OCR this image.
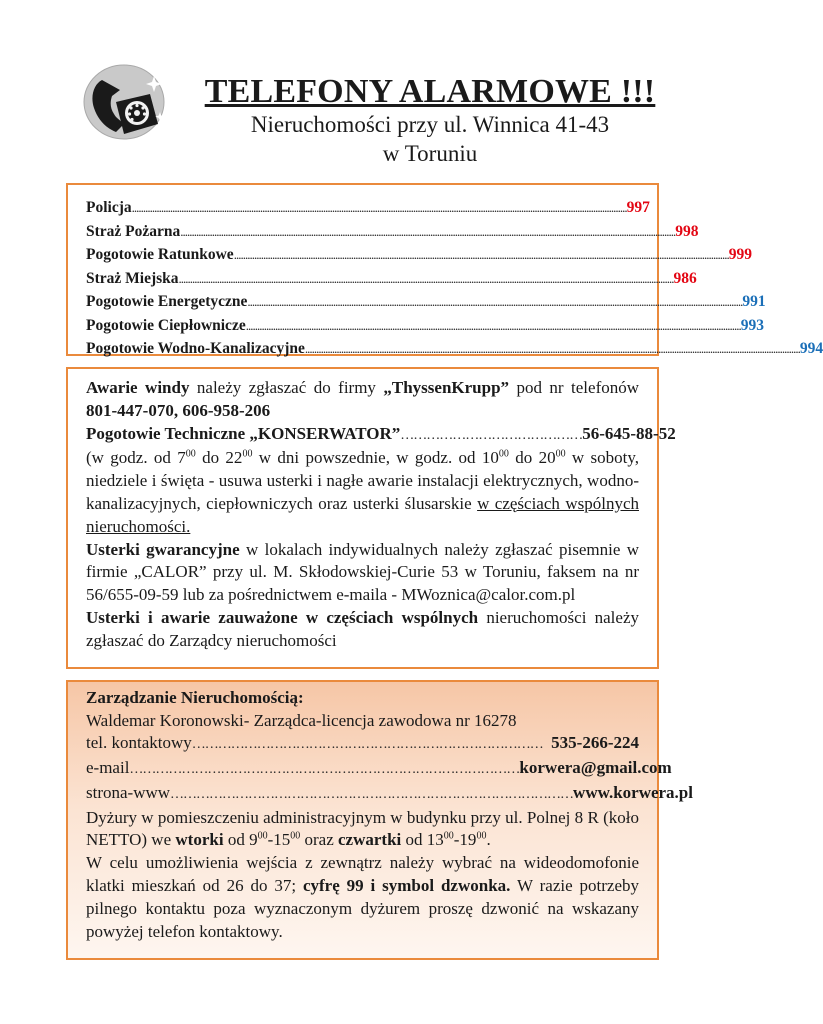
TELEFONY ALARMOWE !!!
Nieruchomości przy ul. Winnica 41-43
w Toruniu
Policja ............................................................................................................................................................................................................................ 997
Straż Pożarna ............................................................................................................................................................................................................................ 998
Pogotowie Ratunkowe ............................................................................................................................................................................................................................ 999
Straż Miejska ............................................................................................................................................................................................................................ 986
Pogotowie Energetyczne ............................................................................................................................................................................................................................ 991
Pogotowie Ciepłownicze ............................................................................................................................................................................................................................ 993
Pogotowie Wodno-Kanalizacyjne ............................................................................................................................................................................................................................ 994
Awarie windy należy zgłaszać do firmy „ThyssenKrupp” pod nr telefonów 801-447-070, 606-958-206
Pogotowie Techniczne „KONSERWATOR” …………………………………… 56-645-88-52
(w godz. od $7^{00}$ do $22^{00}$ w dni powszednie, w godz. od $10^{00}$ do $20^{00}$ w soboty, niedziele i święta - usuwa usterki i nagłe awarie instalacji elektrycznych, wodno-kanalizacyjnych, ciepłowniczych oraz usterki ślusarskie w częściach wspólnych nieruchomości.
Usterki gwarancyjne w lokalach indywidualnych należy zgłaszać pisemnie w firmie „CALOR” przy ul. M. Skłodowskiej-Curie 53 w Toruniu, faksem na nr 56/655-09-59 lub za pośrednictwem e-maila - MWoznica@calor.com.pl
Usterki i awarie zauważone w częściach wspólnych nieruchomości należy zgłaszać do Zarządcy nieruchomości
Zarządzanie Nieruchomością:
Waldemar Koronowski- Zarządca-licencja zawodowa nr 16278
tel. kontaktowy ……………………………………………………………………… 535-266-224
e-mail ……………………………………………………………………………… korwera@gmail.com
strona-www ………………………………………………………………………………… www.korwera.pl
Dyżury w pomieszczeniu administracyjnym w budynku przy ul. Polnej 8 R (koło NETTO) we wtorki od $9^{00}-15^{00}$ oraz czwartki od $13^{00}-19^{00}$.
W celu umożliwienia wejścia z zewnątrz należy wybrać na wideodomofonie klatki mieszkań od 26 do 37; cyfrę 99 i symbol dzwonka. W razie potrzeby pilnego kontaktu poza wyznaczonym dyżurem proszę dzwonić na wskazany powyżej telefon kontaktowy.
